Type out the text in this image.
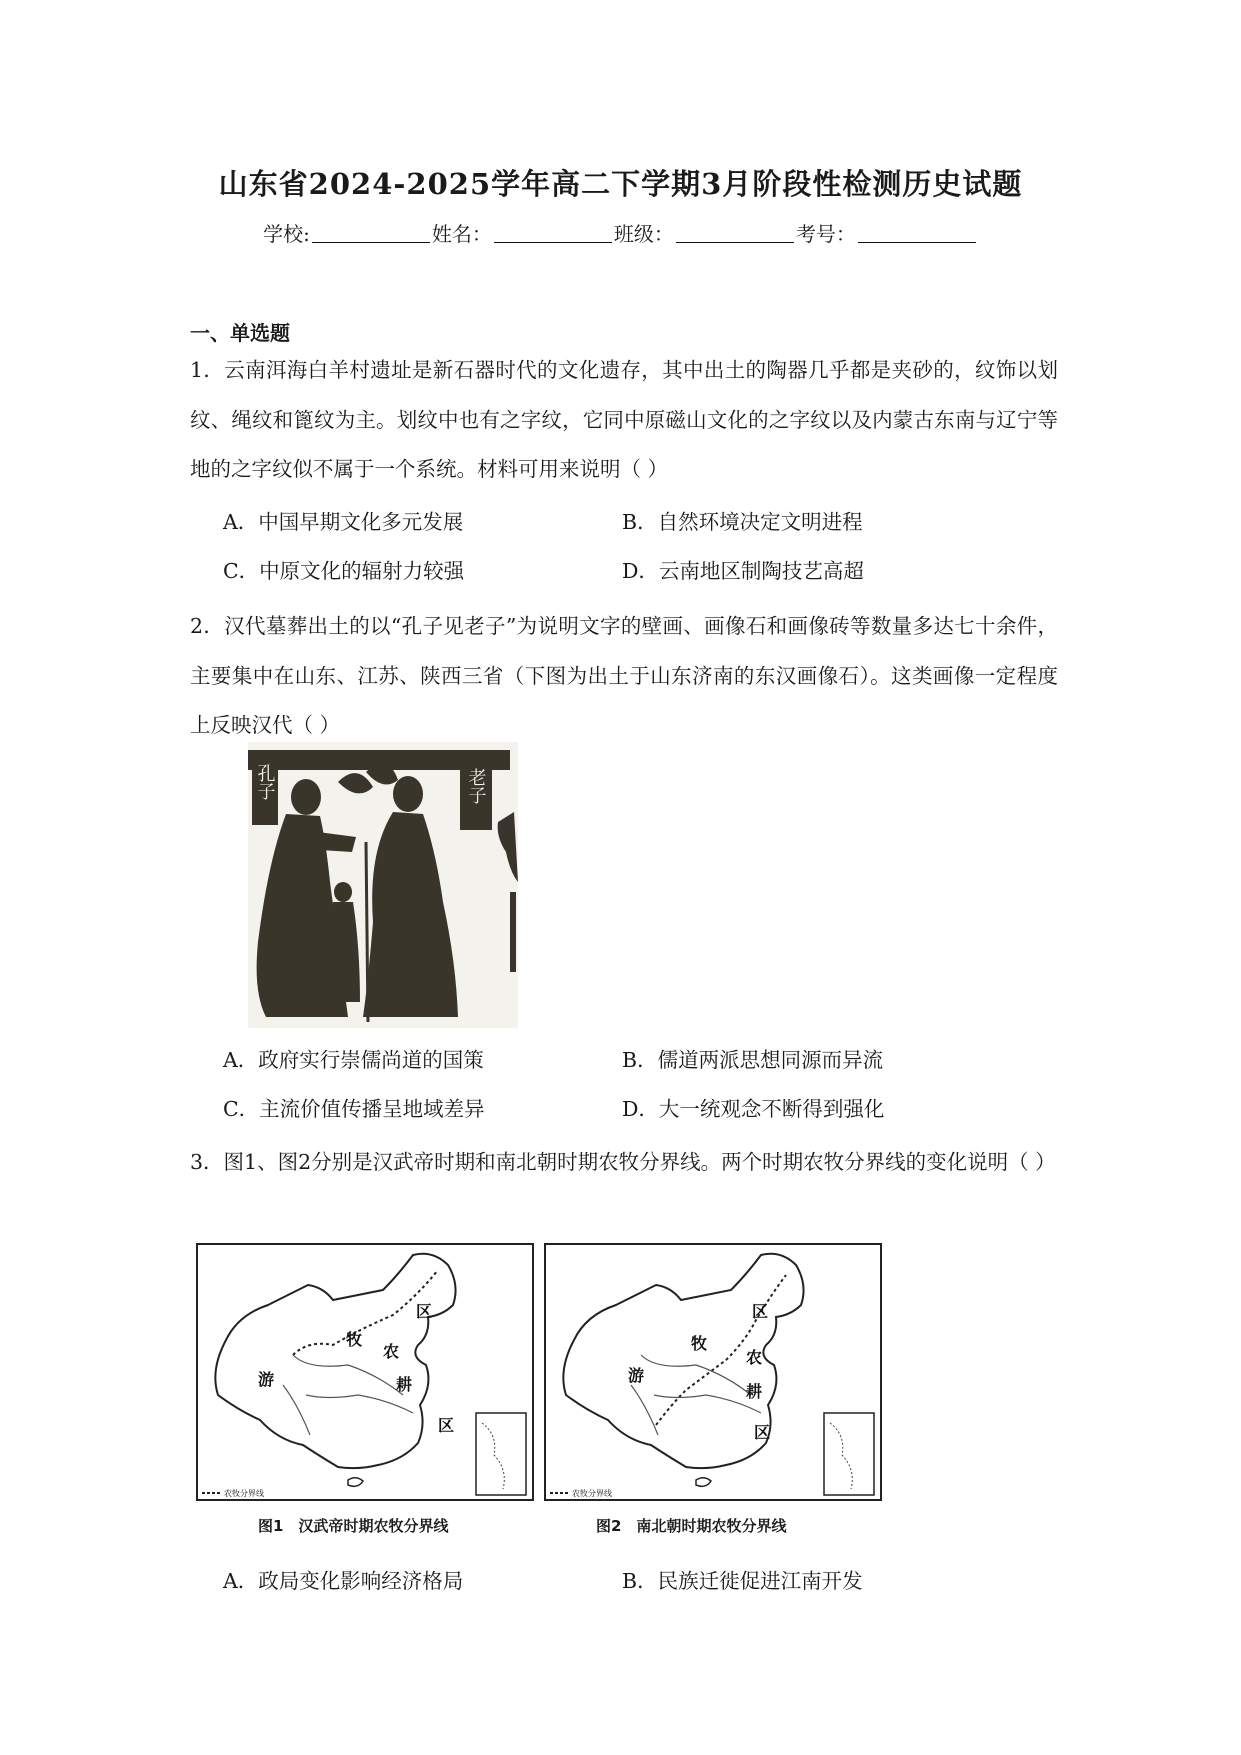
山东省2024-2025学年高二下学期3月阶段性检测历史试题
学校:	姓名：	班级：	考号：
一、单选题
1．云南洱海白羊村遗址是新石器时代的文化遗存，其中出土的陶器几乎都是夹砂的，纹饰以划纹、绳纹和篦纹为主。划纹中也有之字纹，它同中原磁山文化的之字纹以及内蒙古东南与辽宁等地的之字纹似不属于一个系统。材料可用来说明（ ）
A．中国早期文化多元发展	B．自然环境决定文明进程
C．中原文化的辐射力较强	D．云南地区制陶技艺高超
2．汉代墓葬出土的以“孔子见老子”为说明文字的壁画、画像石和画像砖等数量多达七十余件，主要集中在山东、江苏、陕西三省（下图为出土于山东济南的东汉画像石）。这类画像一定程度上反映汉代（ ）
孔子	老子
A．政府实行崇儒尚道的国策	B．儒道两派思想同源而异流
C．主流价值传播呈地域差异	D．大一统观念不断得到强化
3．图1、图2分别是汉武帝时期和南北朝时期农牧分界线。两个时期农牧分界线的变化说明（ ）
游
牧
区
农
耕
区
农牧分界线
图1　汉武帝时期农牧分界线
游
牧
区
农
耕
区
农牧分界线
图2　南北朝时期农牧分界线
A．政局变化影响经济格局	B．民族迁徙促进江南开发
